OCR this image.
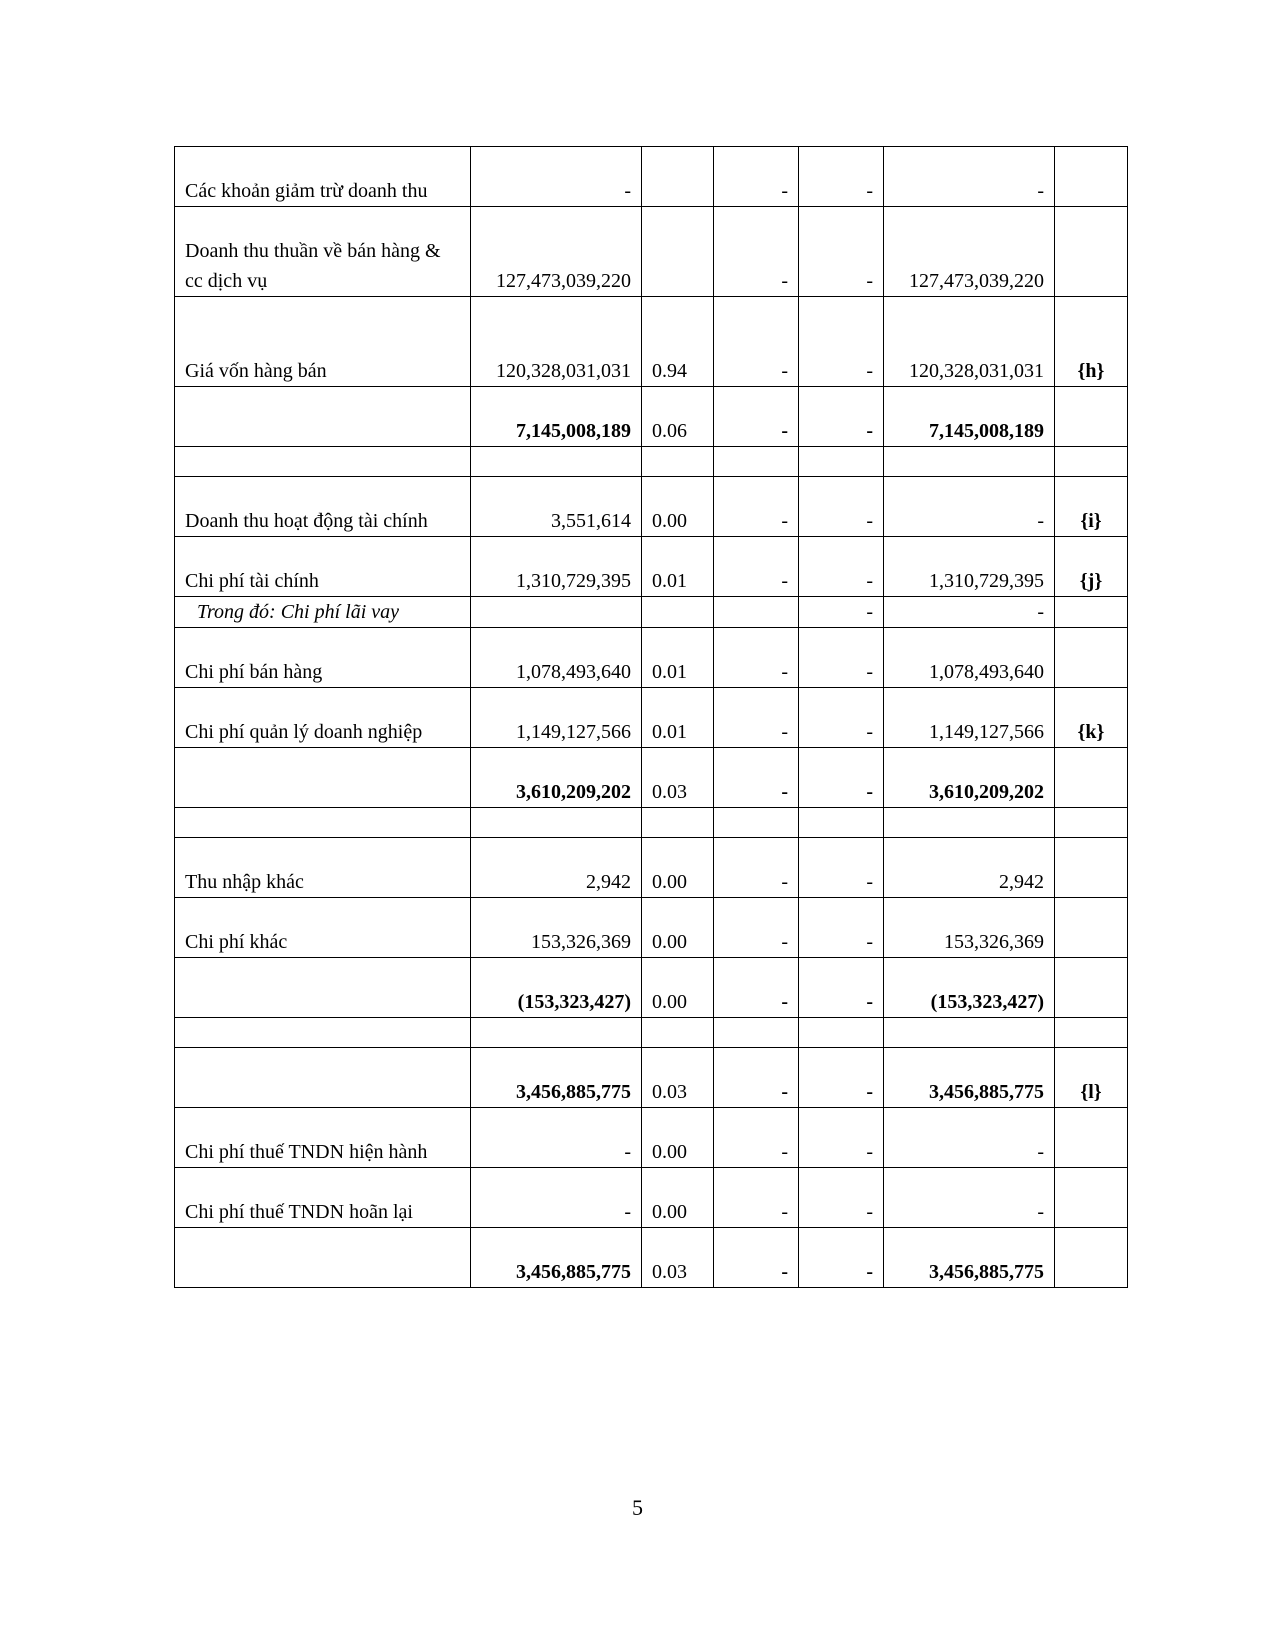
Các khoản giảm trừ doanh thu	-		-	-	-	
Doanh thu thuần về bán hàng & cc dịch vụ	127,473,039,220		-	-	127,473,039,220	
Giá vốn hàng bán	120,328,031,031	0.94	-	-	120,328,031,031	{h}
	7,145,008,189	0.06	-	-	7,145,008,189	

Doanh thu hoạt động tài chính	3,551,614	0.00	-	-	-	{i}
Chi phí tài chính	1,310,729,395	0.01	-	-	1,310,729,395	{j}
Trong đó: Chi phí lãi vay				-	-	
Chi phí bán hàng	1,078,493,640	0.01	-	-	1,078,493,640	
Chi phí quản lý doanh nghiệp	1,149,127,566	0.01	-	-	1,149,127,566	{k}
	3,610,209,202	0.03	-	-	3,610,209,202	

Thu nhập khác	2,942	0.00	-	-	2,942	
Chi phí khác	153,326,369	0.00	-	-	153,326,369	
	(153,323,427)	0.00	-	-	(153,323,427)	

	3,456,885,775	0.03	-	-	3,456,885,775	{l}
Chi phí thuế TNDN hiện hành	-	0.00	-	-	-	
Chi phí thuế TNDN hoãn lại	-	0.00	-	-	-	
	3,456,885,775	0.03	-	-	3,456,885,775	
5
